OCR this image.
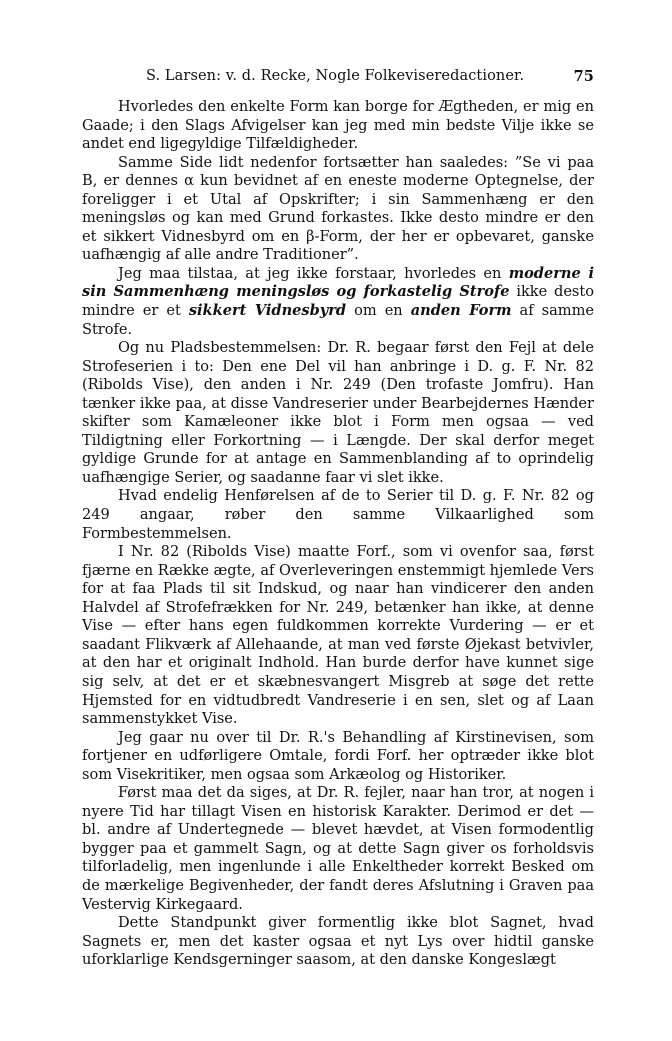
S. Larsen: v. d. Recke, Nogle Folkeviseredactioner.	75

Hvorledes den enkelte Form kan borge for Ægtheden, er mig en Gaade; i den Slags Afvigelser kan jeg med min bedste Vilje ikke se andet end ligegyldige Tilfældigheder.

Samme Side lidt nedenfor fortsætter han saaledes: ”Se vi paa B, er dennes α kun bevidnet af en eneste moderne Optegnelse, der foreligger i et Utal af Opskrifter; i sin Sammenhæng er den meningsløs og kan med Grund forkastes. Ikke desto mindre er den et sikkert Vidnesbyrd om en β-Form, der her er opbevaret, ganske uafhængig af alle andre Traditioner”.

Jeg maa tilstaa, at jeg ikke forstaar, hvorledes en moderne i sin Sammenhæng meningsløs og forkastelig Strofe ikke desto mindre er et sikkert Vidnesbyrd om en anden Form af samme Strofe.

Og nu Pladsbestemmelsen: Dr. R. begaar først den Fejl at dele Strofeserien i to: Den ene Del vil han anbringe i D. g. F. Nr. 82 (Ribolds Vise), den anden i Nr. 249 (Den trofaste Jomfru). Han tænker ikke paa, at disse Vandreserier under Bearbejdernes Hænder skifter som Kamæleoner ikke blot i Form men ogsaa — ved Tildigtning eller Forkortning — i Længde. Der skal derfor meget gyldige Grunde for at antage en Sammenblanding af to oprindelig uafhængige Serier, og saadanne faar vi slet ikke.

Hvad endelig Henførelsen af de to Serier til D. g. F. Nr. 82 og 249 angaar, røber den samme Vilkaarlighed som Formbestemmelsen.

I Nr. 82 (Ribolds Vise) maatte Forf., som vi ovenfor saa, først fjærne en Række ægte, af Overleveringen enstemmigt hjemlede Vers for at faa Plads til sit Indskud, og naar han vindicerer den anden Halvdel af Strofefrækken for Nr. 249, betænker han ikke, at denne Vise — efter hans egen fuldkommen korrekte Vurdering — er et saadant Flikværk af Allehaande, at man ved første Øjekast betvivler, at den har et originalt Indhold. Han burde derfor have kunnet sige sig selv, at det er et skæbnesvangert Misgreb at søge det rette Hjemsted for en vidtudbredt Vandreserie i en sen, slet og af Laan sammenstykket Vise.

Jeg gaar nu over til Dr. R.'s Behandling af Kirstinevisen, som fortjener en udførligere Omtale, fordi Forf. her optræder ikke blot som Visekritiker, men ogsaa som Arkæolog og Historiker.

Først maa det da siges, at Dr. R. fejler, naar han tror, at nogen i nyere Tid har tillagt Visen en historisk Karakter. Derimod er det — bl. andre af Undertegnede — blevet hævdet, at Visen formodentlig bygger paa et gammelt Sagn, og at dette Sagn giver os forholdsvis tilforladelig, men ingenlunde i alle Enkeltheder korrekt Besked om de mærkelige Begivenheder, der fandt deres Afslutning i Graven paa Vestervig Kirkegaard.

Dette Standpunkt giver formentlig ikke blot Sagnet, hvad Sagnets er, men det kaster ogsaa et nyt Lys over hidtil ganske uforklarlige Kendsgerninger saasom, at den danske Kongeslægt
